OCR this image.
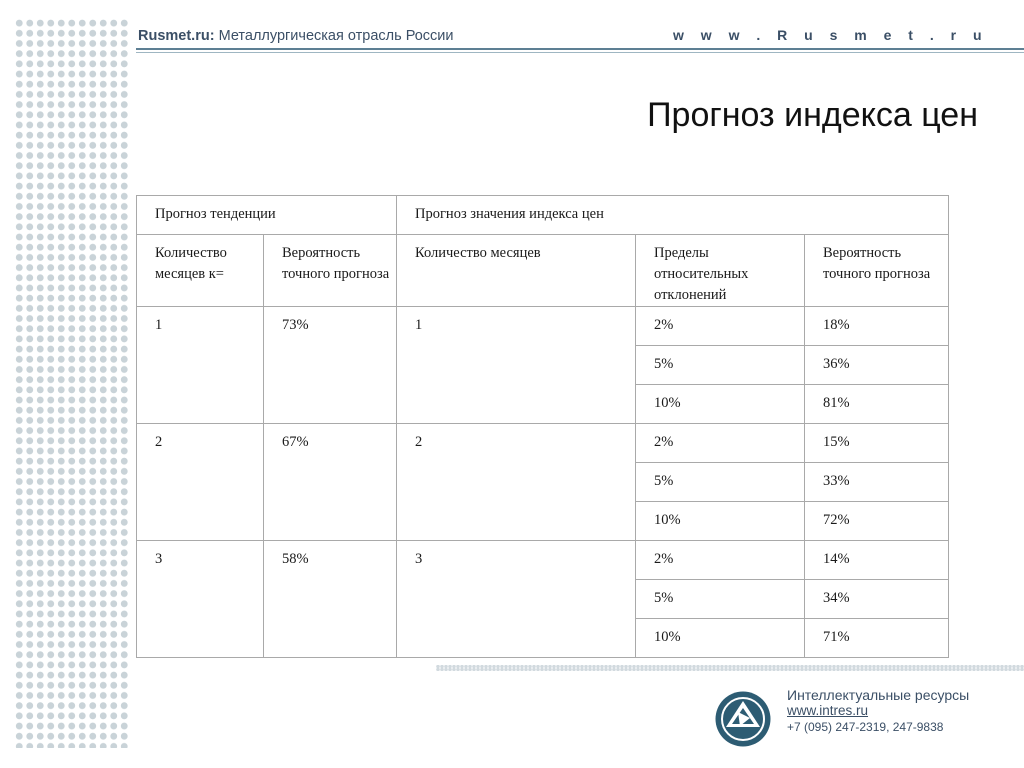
Rusmet.ru: Металлургическая отрасль России	w w w . R u s m e t . r u
Прогноз индекса цен
Прогноз тенденции		Прогноз значения индекса цен		
Количество месяцев к=	Вероятность точного прогноза	Количество месяцев	Пределы относительных отклонений	Вероятность точного прогноза
1	73%	1	2%	18%
			5%	36%
			10%	81%
2	67%	2	2%	15%
			5%	33%
			10%	72%
3	58%	3	2%	14%
			5%	34%
			10%	71%
Интеллектуальные ресурсы
www.intres.ru
+7 (095) 247-2319, 247-9838
